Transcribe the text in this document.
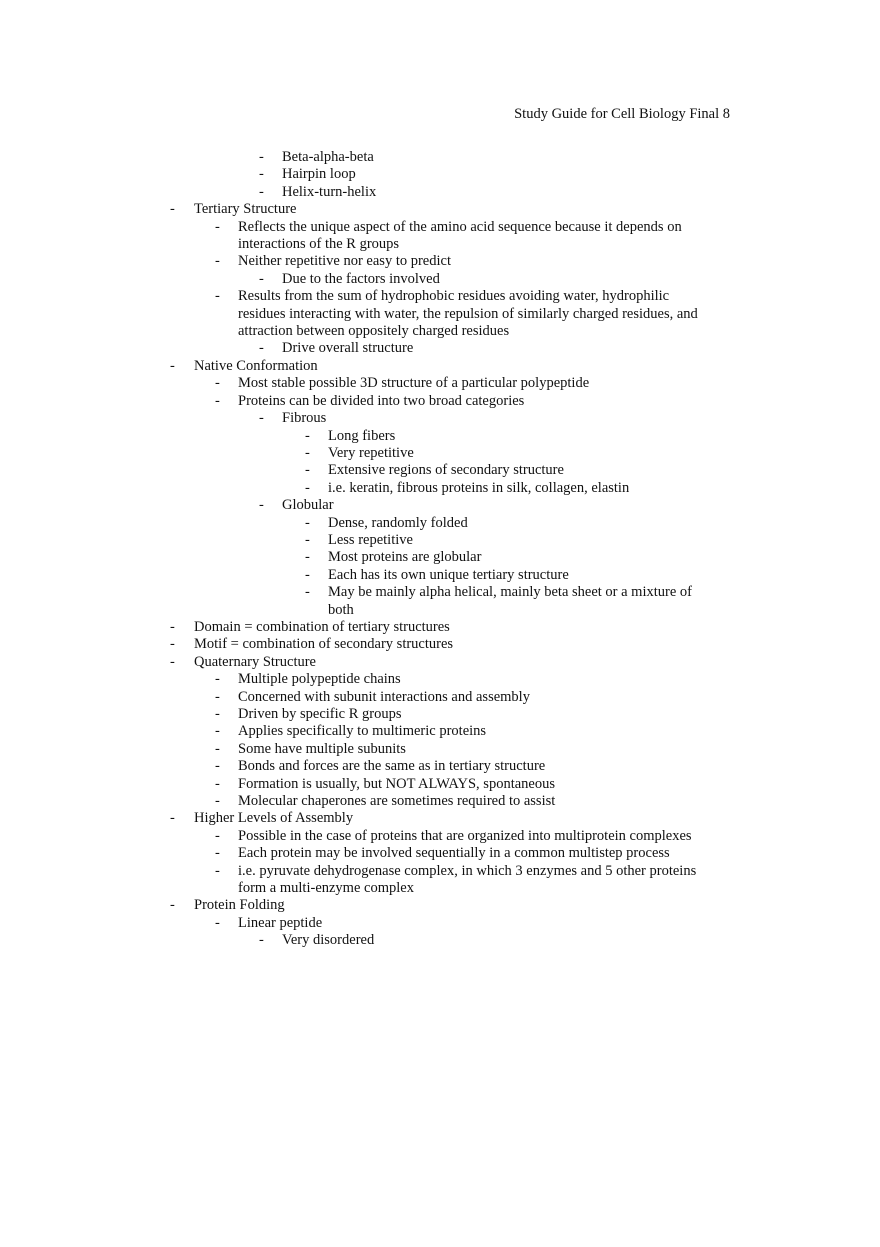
Study Guide for Cell Biology Final 8
- Beta-alpha-beta
- Hairpin loop
- Helix-turn-helix
- Tertiary Structure
- Reflects the unique aspect of the amino acid sequence because it depends on interactions of the R groups
- Neither repetitive nor easy to predict
- Due to the factors involved
- Results from the sum of hydrophobic residues avoiding water, hydrophilic residues interacting with water, the repulsion of similarly charged residues, and attraction between oppositely charged residues
- Drive overall structure
- Native Conformation
- Most stable possible 3D structure of a particular polypeptide
- Proteins can be divided into two broad categories
- Fibrous
- Long fibers
- Very repetitive
- Extensive regions of secondary structure
- i.e. keratin, fibrous proteins in silk, collagen, elastin
- Globular
- Dense, randomly folded
- Less repetitive
- Most proteins are globular
- Each has its own unique tertiary structure
- May be mainly alpha helical, mainly beta sheet or a mixture of both
- Domain = combination of tertiary structures
- Motif = combination of secondary structures
- Quaternary Structure
- Multiple polypeptide chains
- Concerned with subunit interactions and assembly
- Driven by specific R groups
- Applies specifically to multimeric proteins
- Some have multiple subunits
- Bonds and forces are the same as in tertiary structure
- Formation is usually, but NOT ALWAYS, spontaneous
- Molecular chaperones are sometimes required to assist
- Higher Levels of Assembly
- Possible in the case of proteins that are organized into multiprotein complexes
- Each protein may be involved sequentially in a common multistep process
- i.e. pyruvate dehydrogenase complex, in which 3 enzymes and 5 other proteins form a multi-enzyme complex
- Protein Folding
- Linear peptide
- Very disordered
